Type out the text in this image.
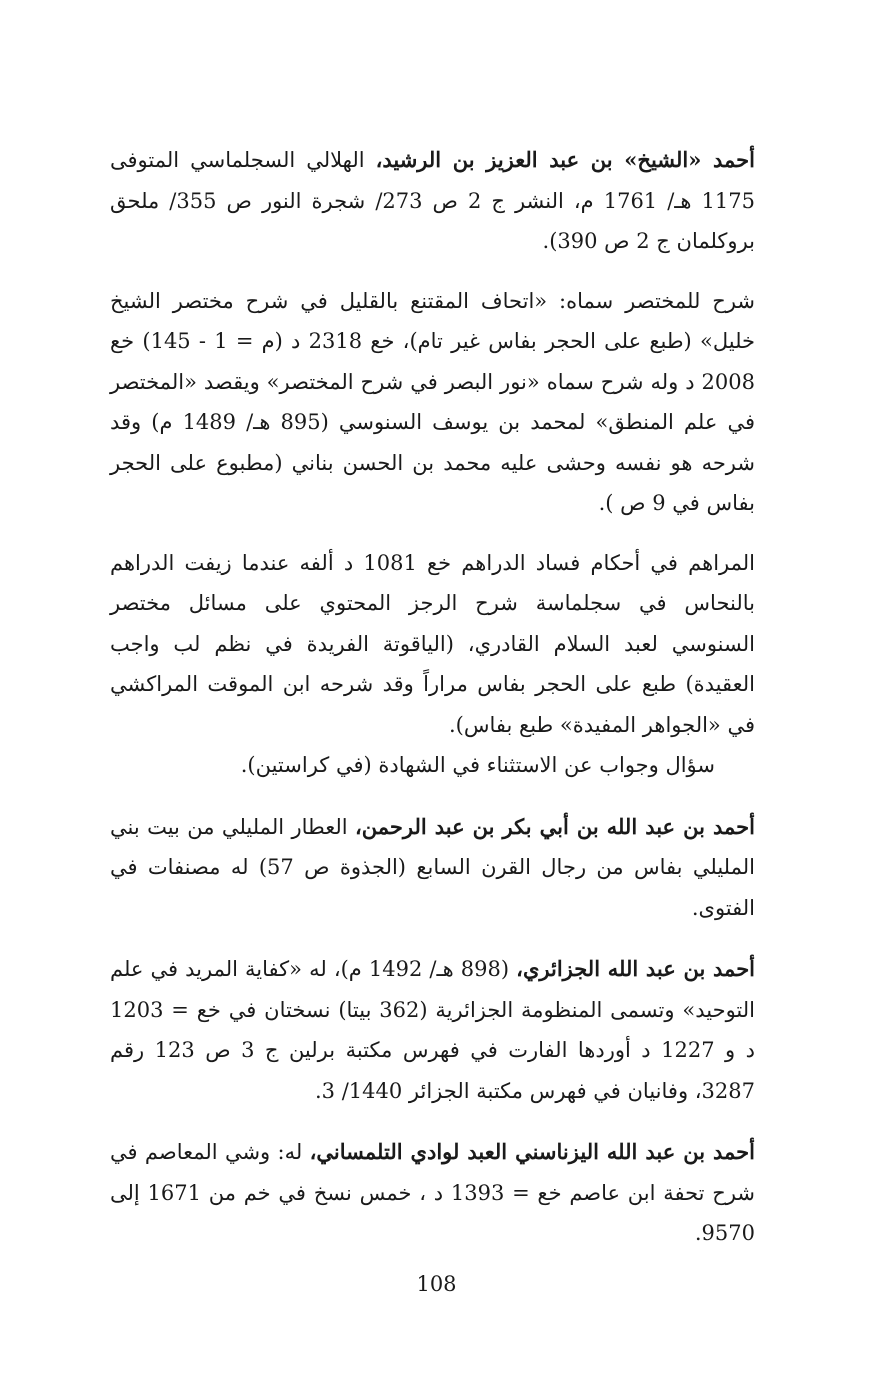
أحمد «الشيخ» بن عبد العزيز بن الرشيد، الهلالي السجلماسي المتوفى 1175 هـ/ 1761 م، النشر ج 2 ص 273/ شجرة النور ص 355/ ملحق بروكلمان ج 2 ص 390).

شرح للمختصر سماه: «اتحاف المقتنع بالقليل في شرح مختصر الشيخ خليل» (طبع على الحجر بفاس غير تام)، خع 2318 د (م = 1 - 145) خع 2008 د وله شرح سماه «نور البصر في شرح المختصر» ويقصد «المختصر في علم المنطق» لمحمد بن يوسف السنوسي (895 هـ/ 1489 م) وقد شرحه هو نفسه وحشى عليه محمد بن الحسن بناني (مطبوع على الحجر بفاس في 9 ص ).

المراهم في أحكام فساد الدراهم خع 1081 د ألفه عندما زيفت الدراهم بالنحاس في سجلماسة شرح الرجز المحتوي على مسائل مختصر السنوسي لعبد السلام القادري، (الياقوتة الفريدة في نظم لب واجب العقيدة) طبع على الحجر بفاس مراراً وقد شرحه ابن الموقت المراكشي في «الجواهر المفيدة» طبع بفاس).

سؤال وجواب عن الاستثناء في الشهادة (في كراستين).

أحمد بن عبد الله بن أبي بكر بن عبد الرحمن، العطار المليلي من بيت بني المليلي بفاس من رجال القرن السابع (الجذوة ص 57) له مصنفات في الفتوى.

أحمد بن عبد الله الجزائري، (898 هـ/ 1492 م)، له «كفاية المريد في علم التوحيد» وتسمى المنظومة الجزائرية (362 بيتا) نسختان في خع = 1203 د و 1227 د أوردها الفارت في فهرس مكتبة برلين ج 3 ص 123 رقم 3287، وفانيان في فهرس مكتبة الجزائر 1440/ 3.

أحمد بن عبد الله اليزناسني العبد لوادي التلمساني، له: وشي المعاصم في شرح تحفة ابن عاصم خع = 1393 د ، خمس نسخ في خم من 1671 إلى 9570.

108
